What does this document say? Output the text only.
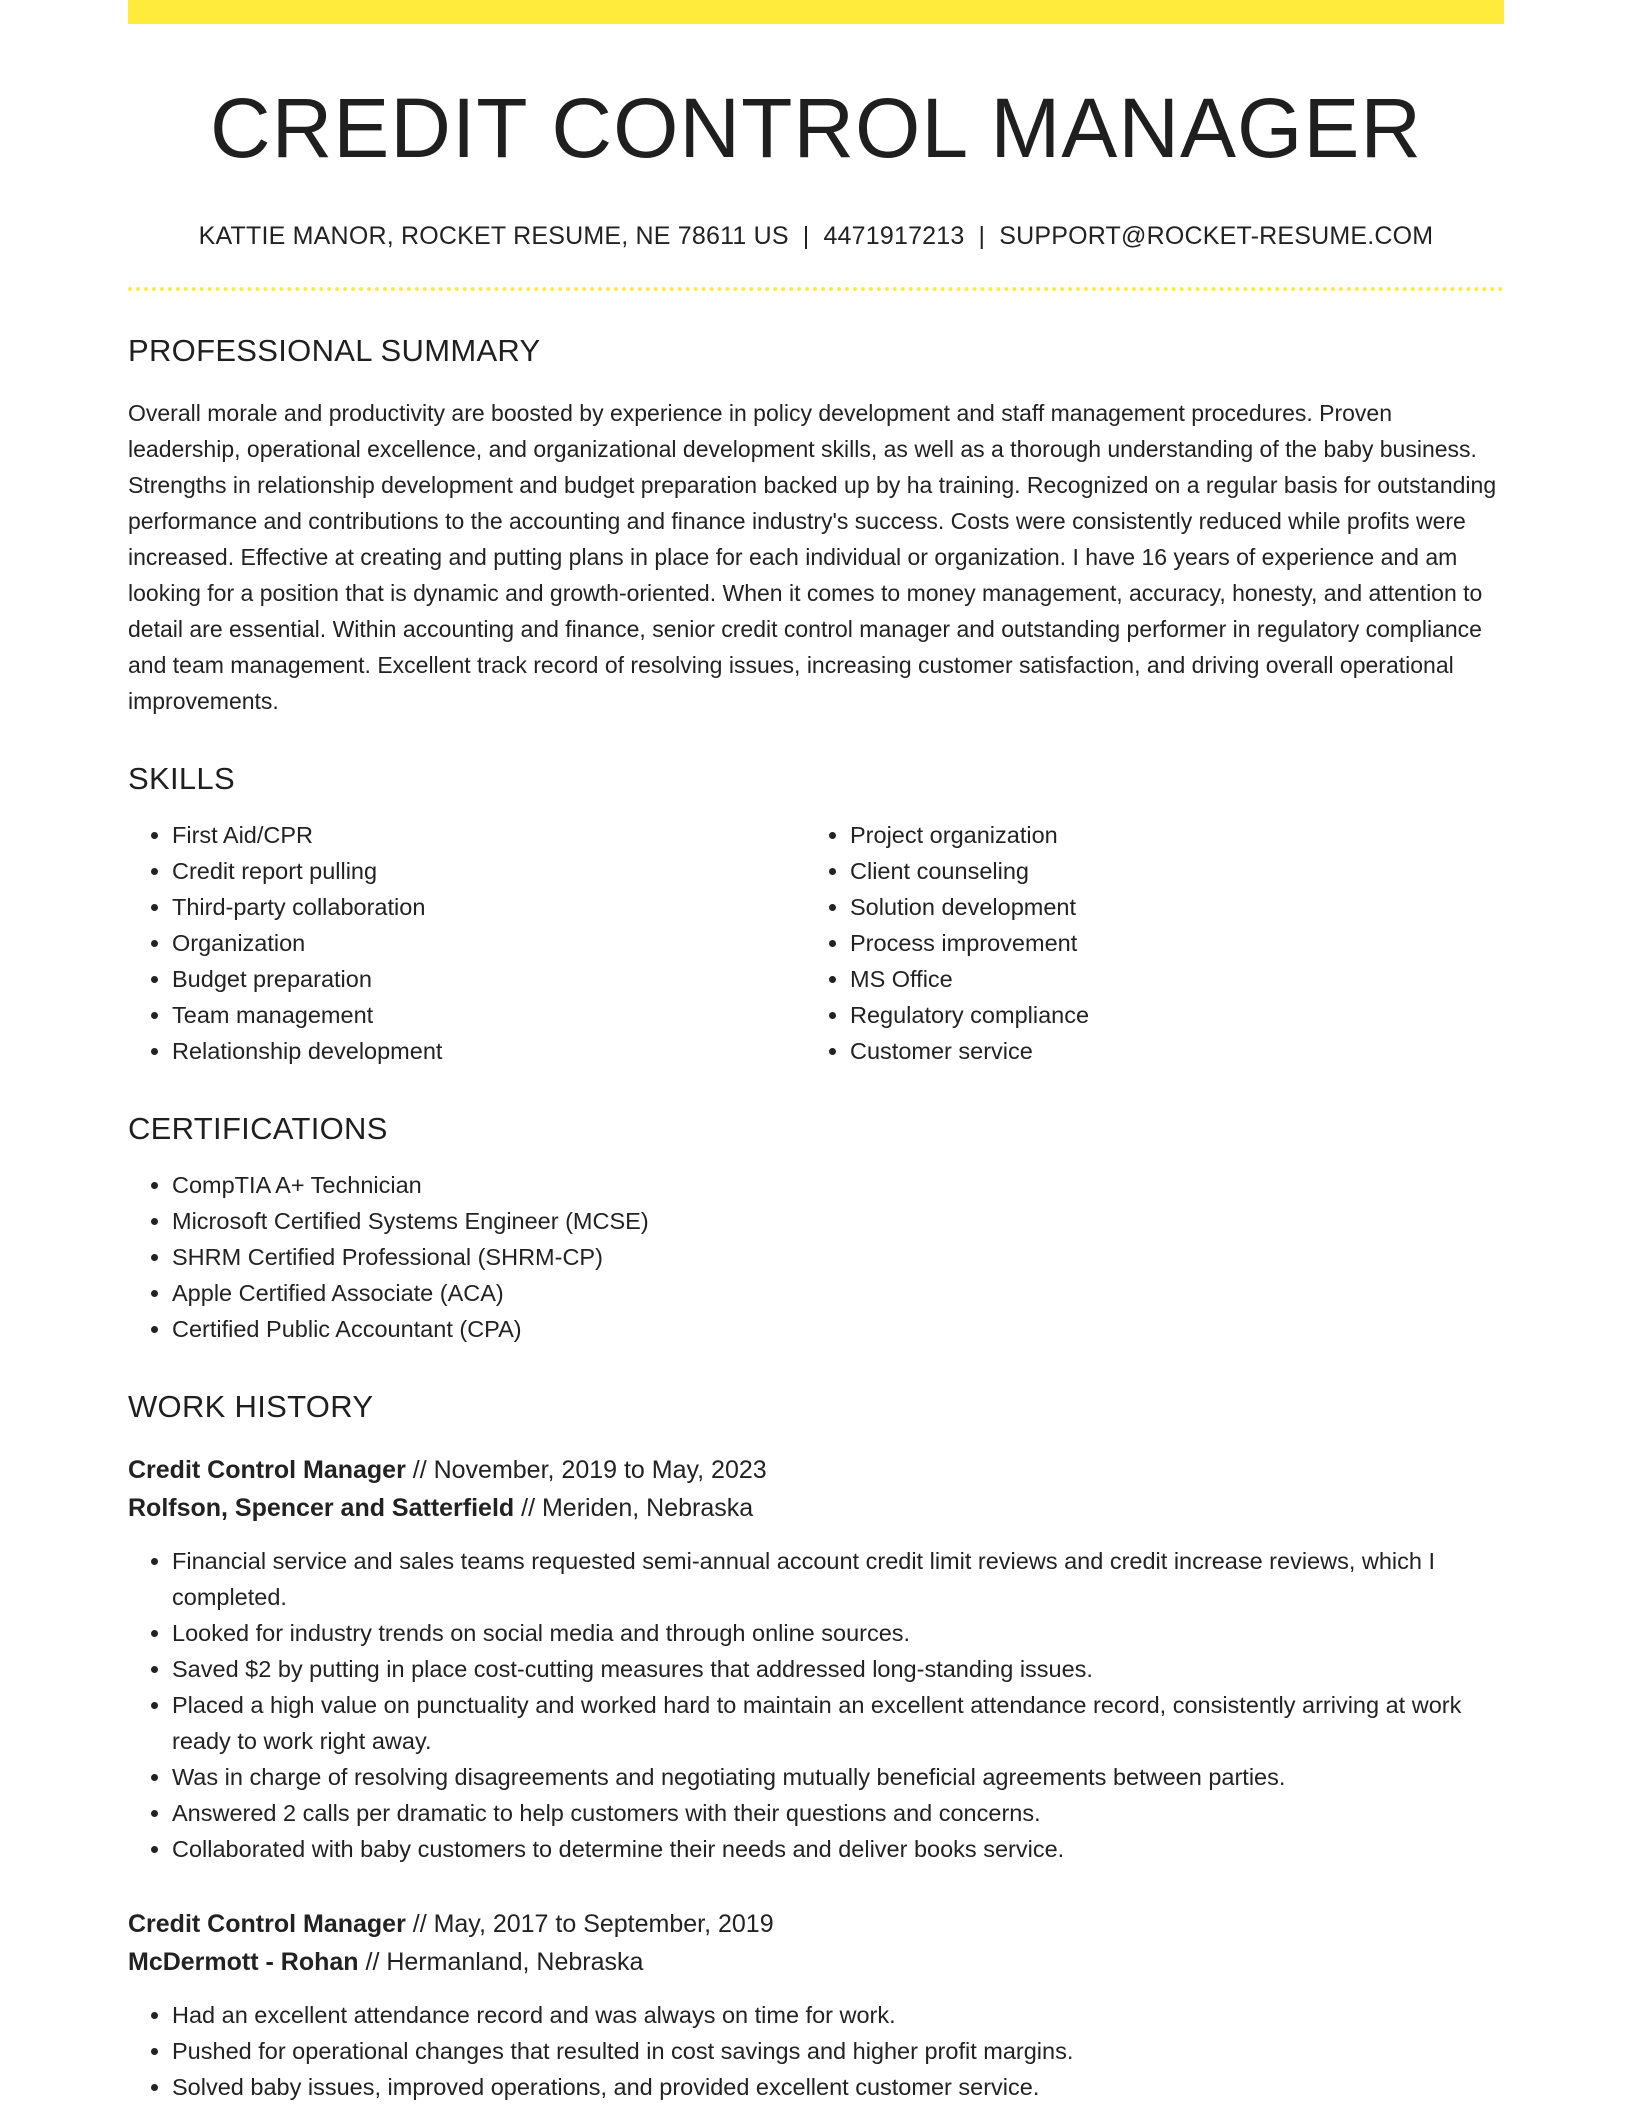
CREDIT CONTROL MANAGER
KATTIE MANOR, ROCKET RESUME, NE 78611 US | 4471917213 | SUPPORT@ROCKET-RESUME.COM
PROFESSIONAL SUMMARY
Overall morale and productivity are boosted by experience in policy development and staff management procedures. Proven leadership, operational excellence, and organizational development skills, as well as a thorough understanding of the baby business. Strengths in relationship development and budget preparation backed up by ha training. Recognized on a regular basis for outstanding performance and contributions to the accounting and finance industry's success. Costs were consistently reduced while profits were increased. Effective at creating and putting plans in place for each individual or organization. I have 16 years of experience and am looking for a position that is dynamic and growth-oriented. When it comes to money management, accuracy, honesty, and attention to detail are essential. Within accounting and finance, senior credit control manager and outstanding performer in regulatory compliance and team management. Excellent track record of resolving issues, increasing customer satisfaction, and driving overall operational improvements.
SKILLS
• First Aid/CPR
• Credit report pulling
• Third-party collaboration
• Organization
• Budget preparation
• Team management
• Relationship development
• Project organization
• Client counseling
• Solution development
• Process improvement
• MS Office
• Regulatory compliance
• Customer service
CERTIFICATIONS
• CompTIA A+ Technician
• Microsoft Certified Systems Engineer (MCSE)
• SHRM Certified Professional (SHRM-CP)
• Apple Certified Associate (ACA)
• Certified Public Accountant (CPA)
WORK HISTORY
Credit Control Manager // November, 2019 to May, 2023
Rolfson, Spencer and Satterfield // Meriden, Nebraska
• Financial service and sales teams requested semi-annual account credit limit reviews and credit increase reviews, which I completed.
• Looked for industry trends on social media and through online sources.
• Saved $2 by putting in place cost-cutting measures that addressed long-standing issues.
• Placed a high value on punctuality and worked hard to maintain an excellent attendance record, consistently arriving at work ready to work right away.
• Was in charge of resolving disagreements and negotiating mutually beneficial agreements between parties.
• Answered 2 calls per dramatic to help customers with their questions and concerns.
• Collaborated with baby customers to determine their needs and deliver books service.
Credit Control Manager // May, 2017 to September, 2019
McDermott - Rohan // Hermanland, Nebraska
• Had an excellent attendance record and was always on time for work.
• Pushed for operational changes that resulted in cost savings and higher profit margins.
• Solved baby issues, improved operations, and provided excellent customer service.
